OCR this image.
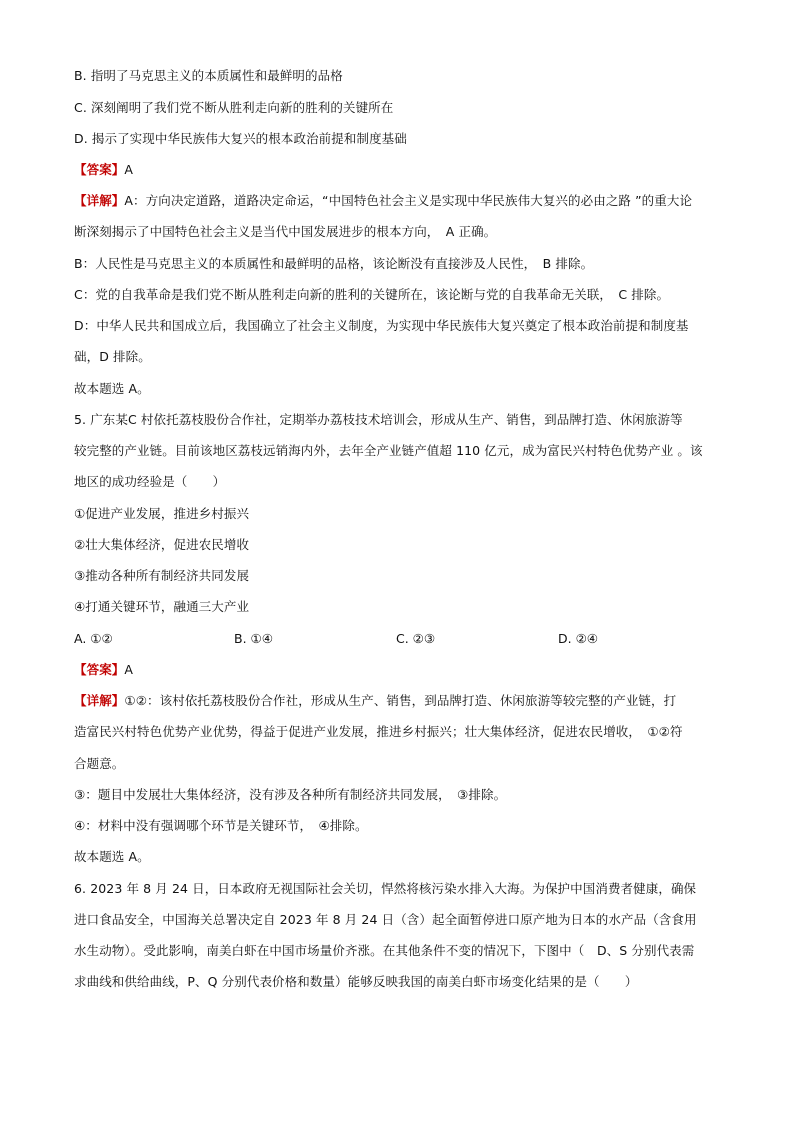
B. 指明了马克思主义的本质属性和最鲜明的品格
C. 深刻阐明了我们党不断从胜利走向新的胜利的关键所在
D. 揭示了实现中华民族伟大复兴的根本政治前提和制度基础
【答案】A
【详解】A：方向决定道路，道路决定命运，“中国特色社会主义是实现中华民族伟大复兴的必由之路 ”的重大论
断深刻揭示了中国特色社会主义是当代中国发展进步的根本方向，　A 正确。
B：人民性是马克思主义的本质属性和最鲜明的品格，该论断没有直接涉及人民性，　B 排除。
C：党的自我革命是我们党不断从胜利走向新的胜利的关键所在，该论断与党的自我革命无关联，　C 排除。
D：中华人民共和国成立后，我国确立了社会主义制度，为实现中华民族伟大复兴奠定了根本政治前提和制度基
础，D 排除。
故本题选 A。
5. 广东某C 村依托荔枝股份合作社，定期举办荔枝技术培训会，形成从生产、销售，到品牌打造、休闲旅游等
较完整的产业链。目前该地区荔枝远销海内外，去年全产业链产值超 110 亿元，成为富民兴村特色优势产业 。该
地区的成功经验是（　　）
①促进产业发展，推进乡村振兴
②壮大集体经济，促进农民增收
③推动各种所有制经济共同发展
④打通关键环节，融通三大产业
A. ①②	B. ①④	C. ②③	D. ②④
【答案】A
【详解】①②：该村依托荔枝股份合作社，形成从生产、销售，到品牌打造、休闲旅游等较完整的产业链，打
造富民兴村特色优势产业优势，得益于促进产业发展，推进乡村振兴；壮大集体经济，促进农民增收，　①②符
合题意。
③：题目中发展壮大集体经济，没有涉及各种所有制经济共同发展，　③排除。
④：材料中没有强调哪个环节是关键环节，　④排除。
故本题选 A。
6. 2023 年 8 月 24 日，日本政府无视国际社会关切，悍然将核污染水排入大海。为保护中国消费者健康，确保
进口食品安全，中国海关总署决定自 2023 年 8 月 24 日（含）起全面暂停进口原产地为日本的水产品（含食用
水生动物）。受此影响，南美白虾在中国市场量价齐涨。在其他条件不变的情况下，下图中（　D、S 分别代表需
求曲线和供给曲线，P、Q 分别代表价格和数量）能够反映我国的南美白虾市场变化结果的是（　　）
